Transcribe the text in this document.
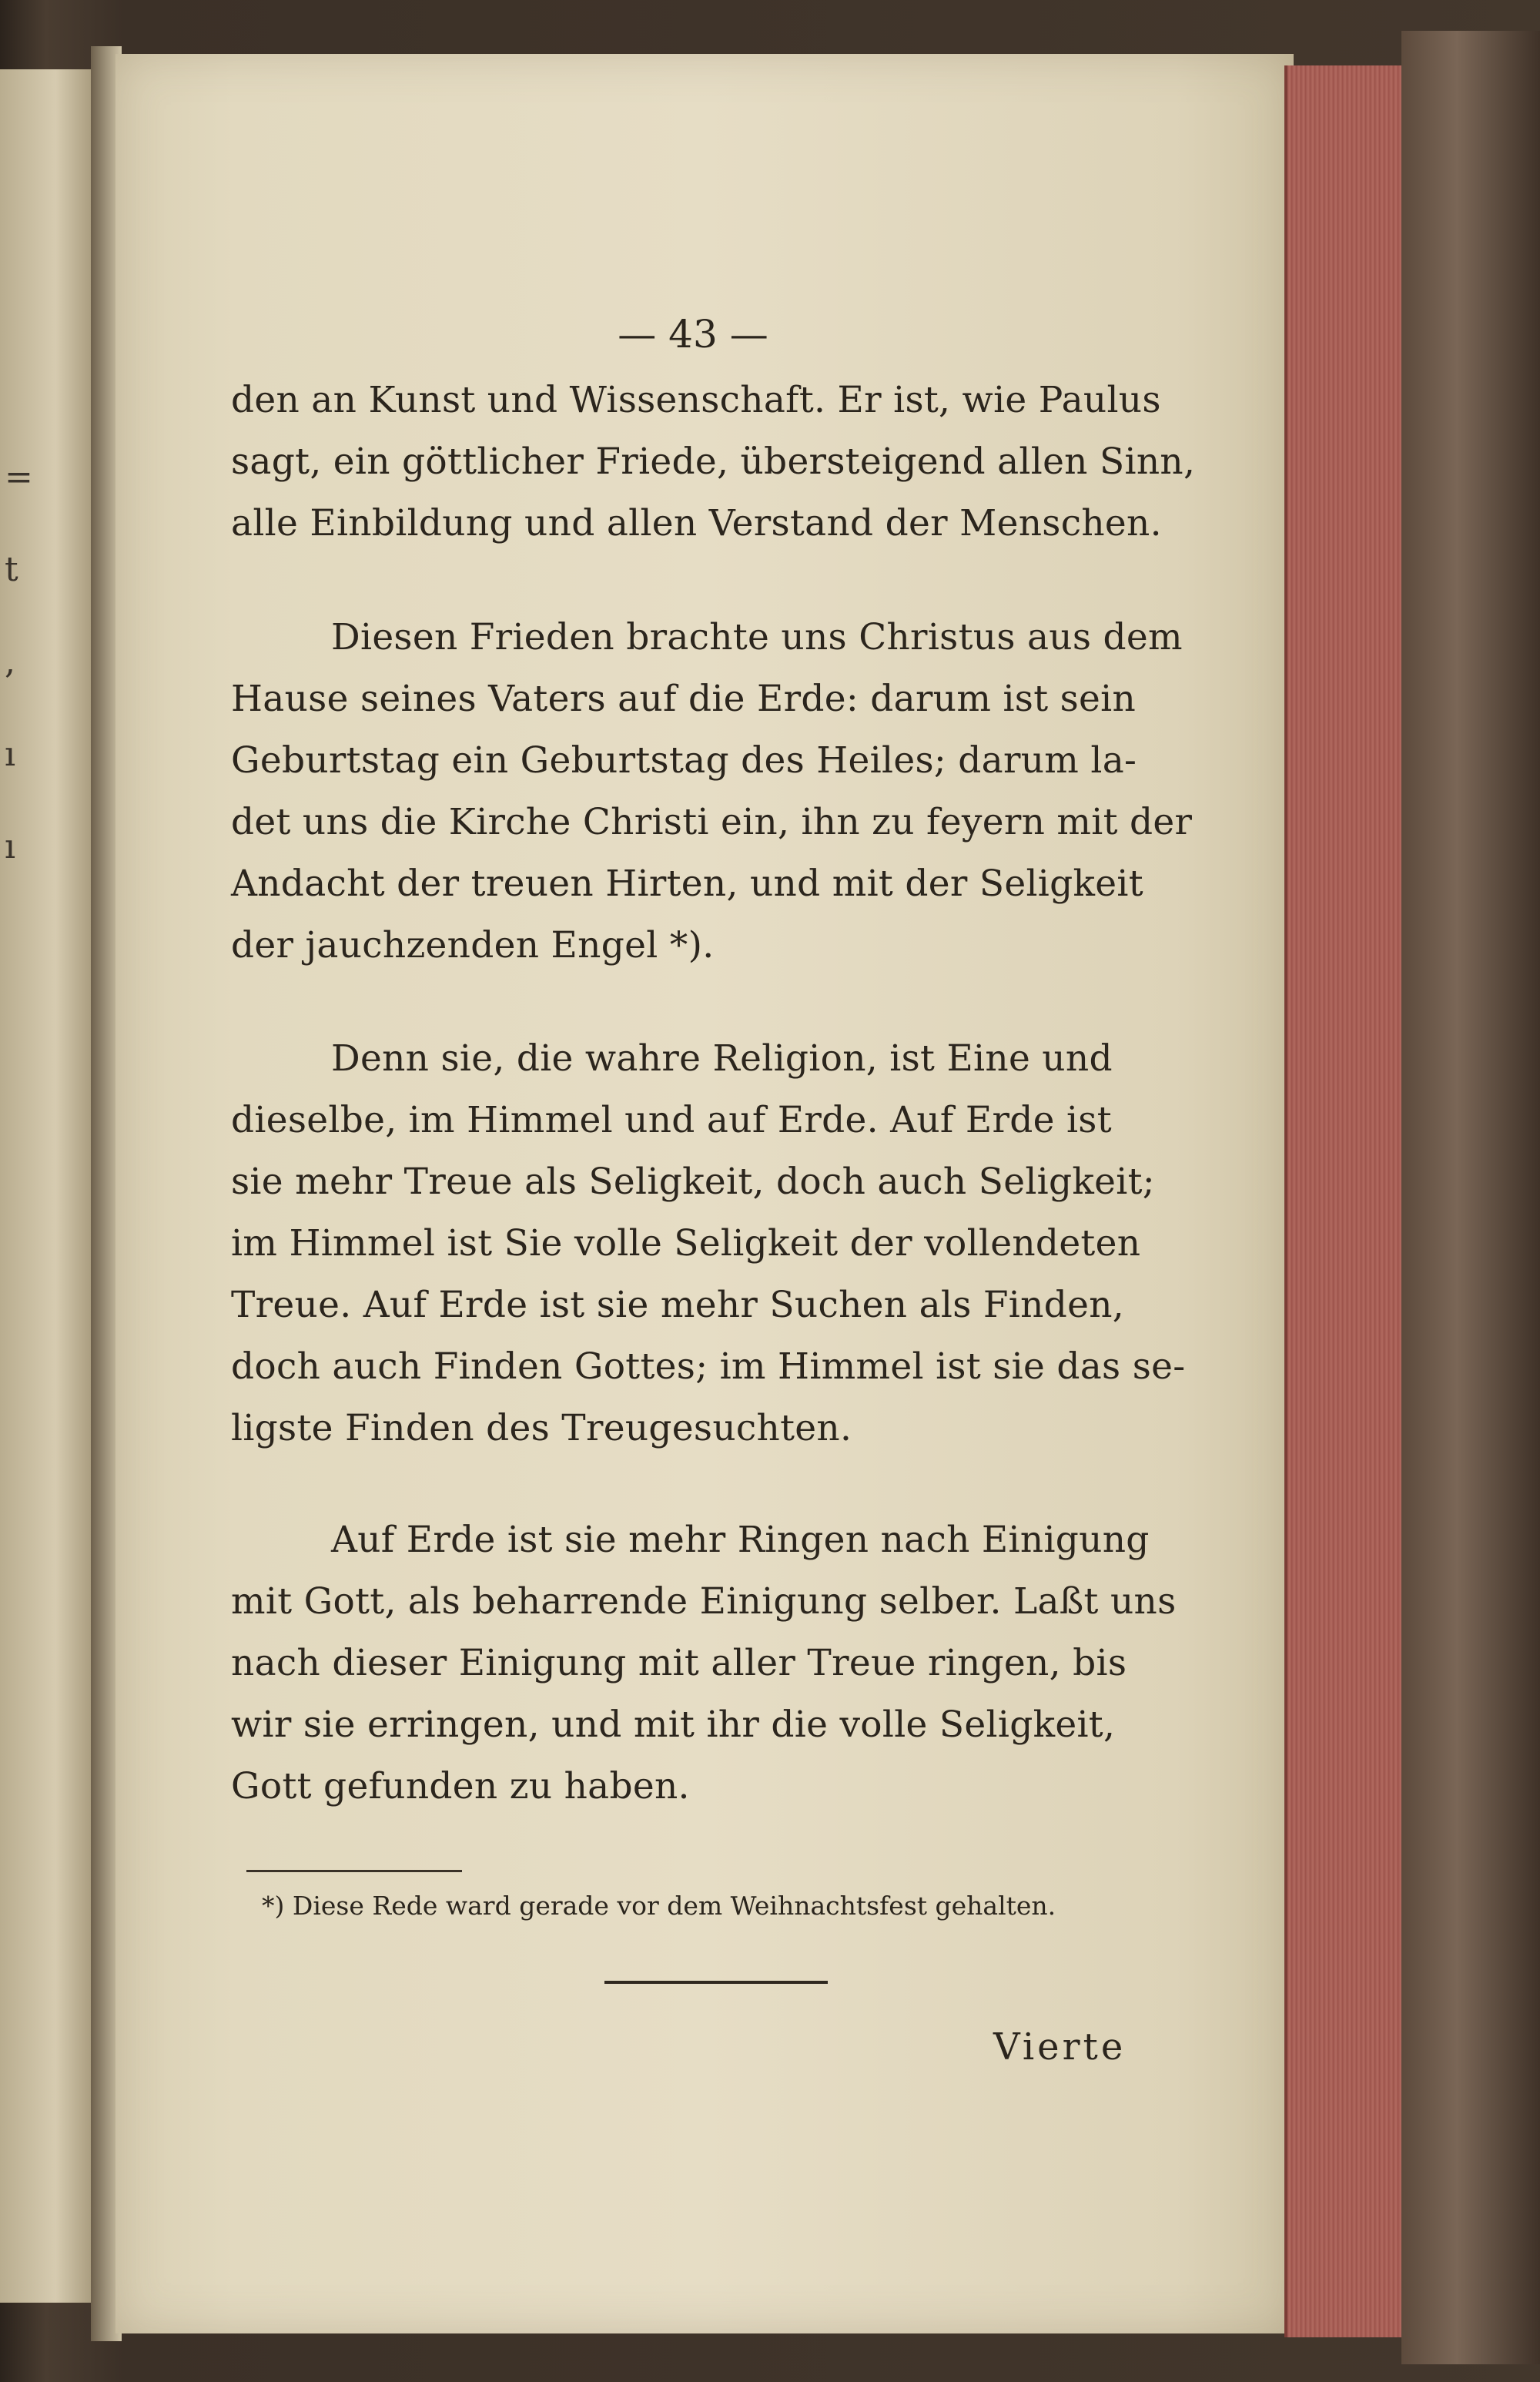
=
t
,
ı
ı
— 43 —
den an Kunst und Wissenschaft. Er ist, wie Paulus
sagt, ein göttlicher Friede, übersteigend allen Sinn,
alle Einbildung und allen Verstand der Menschen.
Diesen Frieden brachte uns Christus aus dem
Hause seines Vaters auf die Erde: darum ist sein
Geburtstag ein Geburtstag des Heiles; darum la-
det uns die Kirche Christi ein, ihn zu feyern mit der
Andacht der treuen Hirten, und mit der Seligkeit
der jauchzenden Engel *).
Denn sie, die wahre Religion, ist Eine und
dieselbe, im Himmel und auf Erde. Auf Erde ist
sie mehr Treue als Seligkeit, doch auch Seligkeit;
im Himmel ist Sie volle Seligkeit der vollendeten
Treue. Auf Erde ist sie mehr Suchen als Finden,
doch auch Finden Gottes; im Himmel ist sie das se-
ligste Finden des Treugesuchten.
Auf Erde ist sie mehr Ringen nach Einigung
mit Gott, als beharrende Einigung selber. Laßt uns
nach dieser Einigung mit aller Treue ringen, bis
wir sie erringen, und mit ihr die volle Seligkeit,
Gott gefunden zu haben.
*) Diese Rede ward gerade vor dem Weihnachtsfest gehalten.
Vierte
